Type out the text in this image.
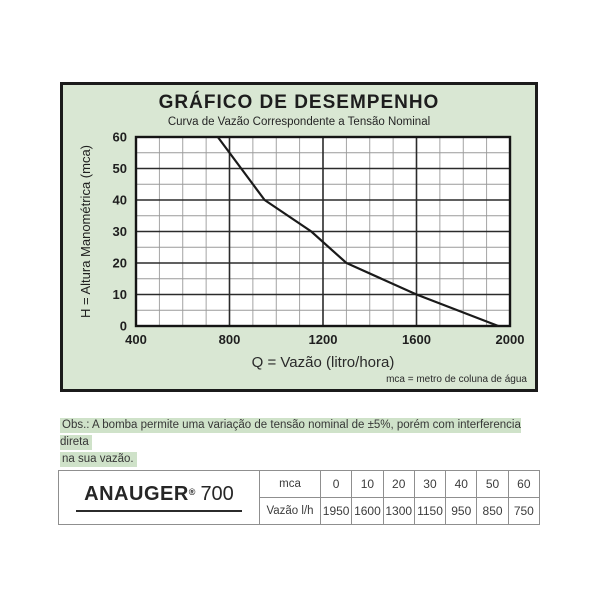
400	800	1200	1600	2000
0
10
20
30
40
50
60
H = Altura Manométrica (mca)
Q = Vazão (litro/hora)
mca = metro de coluna de água
GRÁFICO DE DESEMPENHO
Curva de Vazão Correspondente a Tensão Nominal
Obs.: A bomba permite uma variação de tensão nominal de ±5%, porém com interferencia direta
na sua vazão.
ANAUGER® 700	mca	0	10	20	30	40	50	60
	Vazão l/h	1950	1600	1300	1150	950	850	750
